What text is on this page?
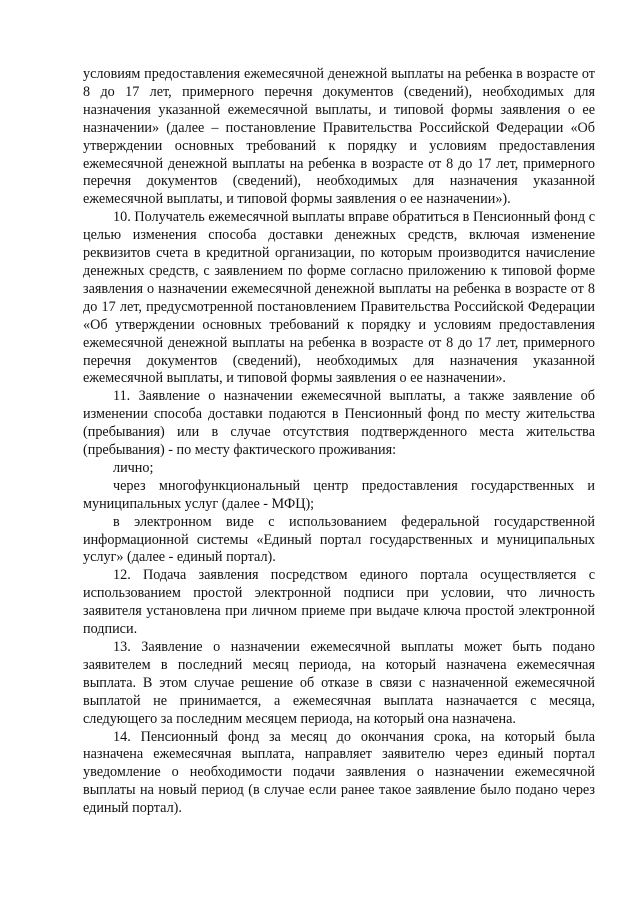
условиям предоставления ежемесячной денежной выплаты на ребенка в возрасте от 8 до 17 лет, примерного перечня документов (сведений), необходимых для назначения указанной ежемесячной выплаты, и типовой формы заявления о ее назначении» (далее – постановление Правительства Российской Федерации «Об утверждении основных требований к порядку и условиям предоставления ежемесячной денежной выплаты на ребенка в возрасте от 8 до 17 лет, примерного перечня документов (сведений), необходимых для назначения указанной ежемесячной выплаты, и типовой формы заявления о ее назначении»).

10. Получатель ежемесячной выплаты вправе обратиться в Пенсионный фонд с целью изменения способа доставки денежных средств, включая изменение реквизитов счета в кредитной организации, по которым производится начисление денежных средств, с заявлением по форме согласно приложению к типовой форме заявления о назначении ежемесячной денежной выплаты на ребенка в возрасте от 8 до 17 лет, предусмотренной постановлением Правительства Российской Федерации «Об утверждении основных требований к порядку и условиям предоставления ежемесячной денежной выплаты на ребенка в возрасте от 8 до 17 лет, примерного перечня документов (сведений), необходимых для назначения указанной ежемесячной выплаты, и типовой формы заявления о ее назначении».

11. Заявление о назначении ежемесячной выплаты, а также заявление об изменении способа доставки подаются в Пенсионный фонд по месту жительства (пребывания) или в случае отсутствия подтвержденного места жительства (пребывания) - по месту фактического проживания:

лично;

через многофункциональный центр предоставления государственных и муниципальных услуг (далее - МФЦ);

в электронном виде с использованием федеральной государственной информационной системы «Единый портал государственных и муниципальных услуг» (далее - единый портал).

12. Подача заявления посредством единого портала осуществляется с использованием простой электронной подписи при условии, что личность заявителя установлена при личном приеме при выдаче ключа простой электронной подписи.

13. Заявление о назначении ежемесячной выплаты может быть подано заявителем в последний месяц периода, на который назначена ежемесячная выплата. В этом случае решение об отказе в связи с назначенной ежемесячной выплатой не принимается, а ежемесячная выплата назначается с месяца, следующего за последним месяцем периода, на который она назначена.

14. Пенсионный фонд за месяц до окончания срока, на который была назначена ежемесячная выплата, направляет заявителю через единый портал уведомление о необходимости подачи заявления о назначении ежемесячной выплаты на новый период (в случае если ранее такое заявление было подано через единый портал).
